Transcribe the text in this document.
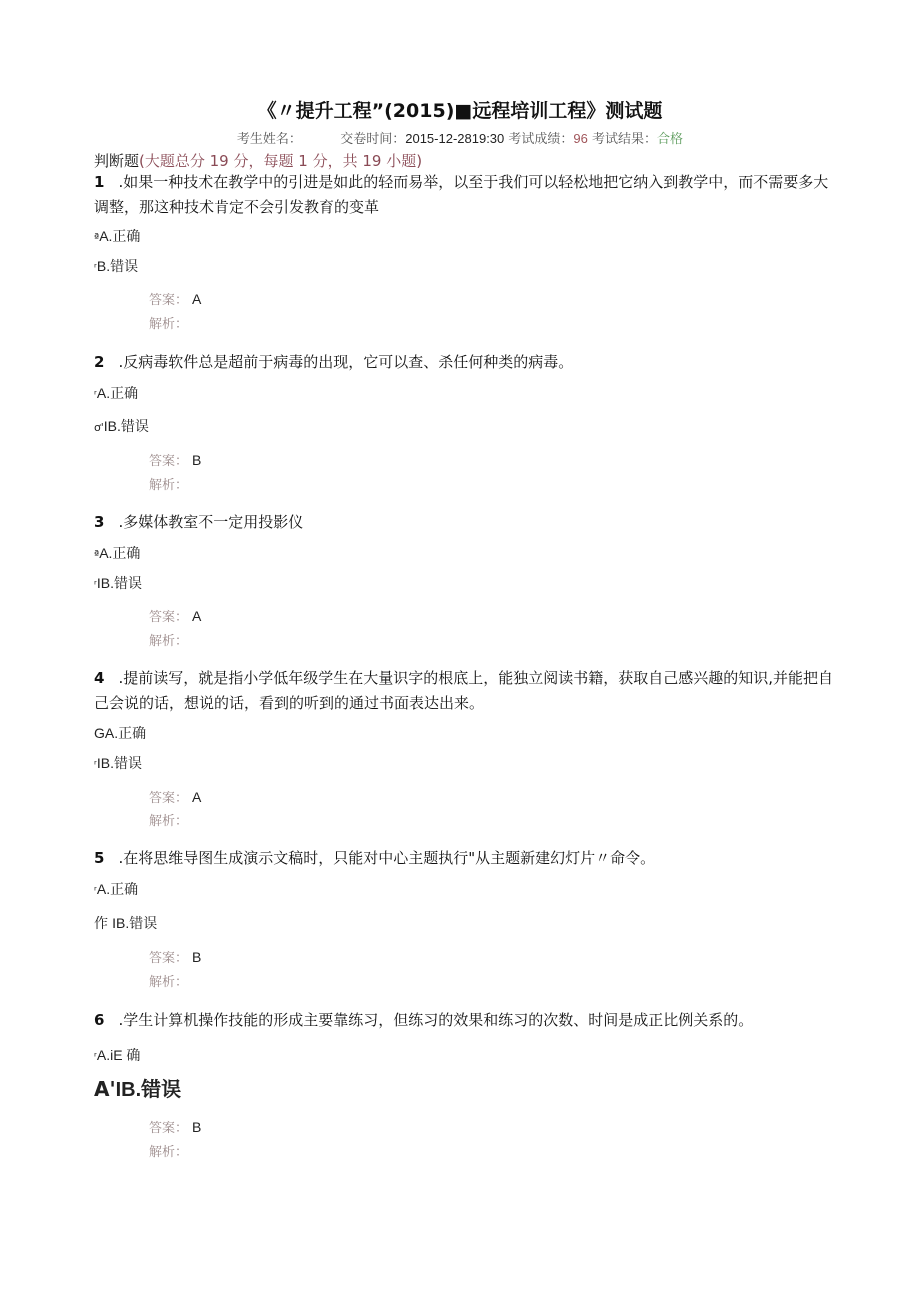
《〃提升工程”(2015)■远程培训工程》测试题
考生姓名：	交卷时间：2015-12-2819:30 考试成绩：96 考试结果：合格
判断题(大题总分 19 分，每题 1 分，共 19 小题)
1 .如果一种技术在教学中的引进是如此的轻而易举，以至于我们可以轻松地把它纳入到教学中，而不需要多大调整，那这种技术肯定不会引发教育的变革
ªA.正确
ʳB.错误
答案： A
解析：
2 .反病毒软件总是超前于病毒的出现，它可以查、杀任何种类的病毒。
ʳA.正确
ơ'IB.错误
答案： B
解析：
3 .多媒体教室不一定用投影仪
ªA.正确
ʳIB.错误
答案： A
解析：
4 .提前读写，就是指小学低年级学生在大量识字的根底上，能独立阅读书籍，获取自己感兴趣的知识,并能把自己会说的话，想说的话，看到的听到的通过书面表达出来。
GA.正确
ʳIB.错误
答案： A
解析：
5 .在将思维导图生成演示文稿时，只能对中心主题执行"从主题新建幻灯片〃命令。
ʳA.正确
作 IB.错误
答案： B
解析：
6 .学生计算机操作技能的形成主要靠练习，但练习的效果和练习的次数、时间是成正比例关系的。
ʳA.iE 确
A'IB.错误
答案： B
解析：
